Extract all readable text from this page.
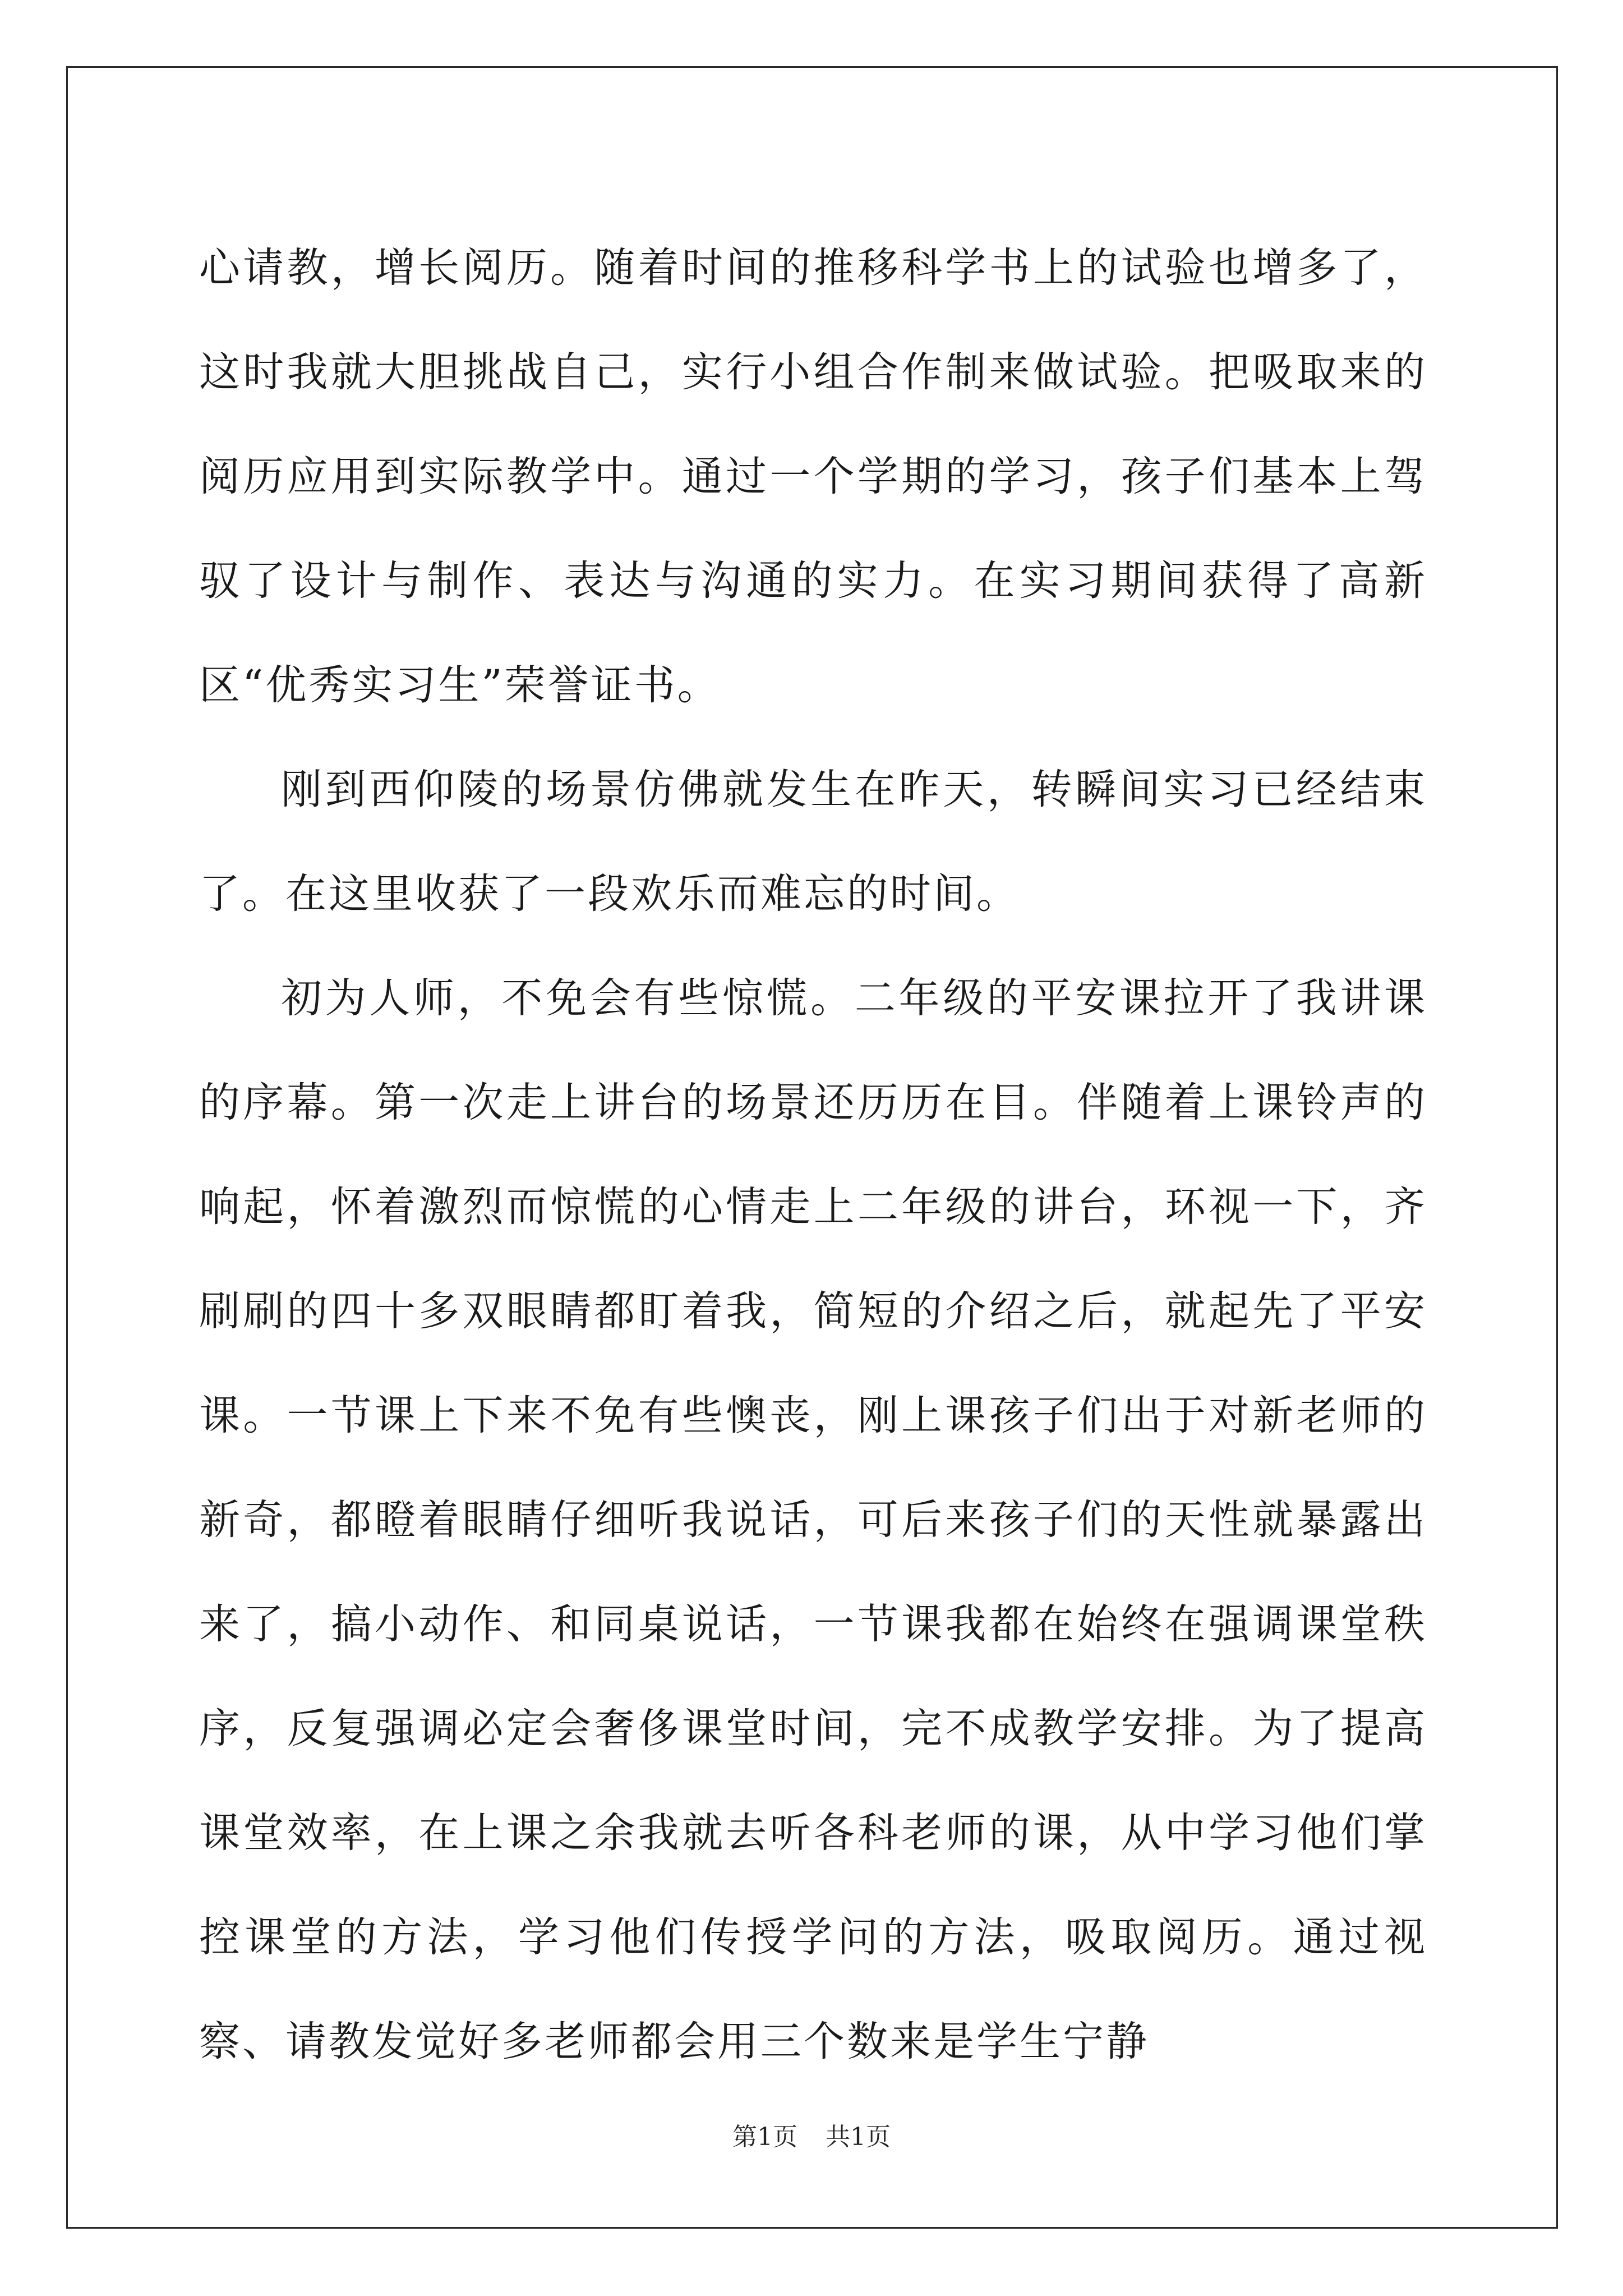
心请教，增长阅历。随着时间的推移科学书上的试验也增多了，这时我就大胆挑战自己，实行小组合作制来做试验。把吸取来的阅历应用到实际教学中。通过一个学期的学习，孩子们基本上驾驭了设计与制作、表达与沟通的实力。在实习期间获得了高新区“优秀实习生”荣誉证书。

刚到西仰陵的场景仿佛就发生在昨天，转瞬间实习已经结束了。在这里收获了一段欢乐而难忘的时间。

初为人师，不免会有些惊慌。二年级的平安课拉开了我讲课的序幕。第一次走上讲台的场景还历历在目。伴随着上课铃声的响起，怀着激烈而惊慌的心情走上二年级的讲台，环视一下，齐刷刷的四十多双眼睛都盯着我，简短的介绍之后，就起先了平安课。一节课上下来不免有些懊丧，刚上课孩子们出于对新老师的新奇，都瞪着眼睛仔细听我说话，可后来孩子们的天性就暴露出来了，搞小动作、和同桌说话，一节课我都在始终在强调课堂秩序，反复强调必定会奢侈课堂时间，完不成教学安排。为了提高课堂效率，在上课之余我就去听各科老师的课，从中学习他们掌控课堂的方法，学习他们传授学问的方法，吸取阅历。通过视察、请教发觉好多老师都会用三个数来是学生宁静

第1页 共1页
